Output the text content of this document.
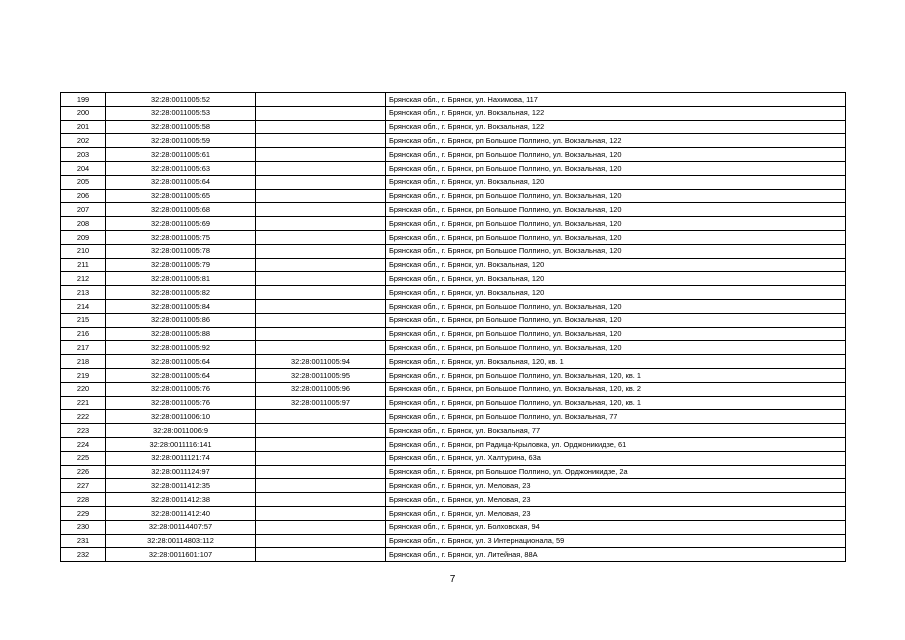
199	32:28:0011005:52		Брянская обл., г. Брянск, ул. Нахимова, 117
200	32:28:0011005:53		Брянская обл., г. Брянск, ул. Вокзальная, 122
201	32:28:0011005:58		Брянская обл., г. Брянск, ул. Вокзальная, 122
202	32:28:0011005:59		Брянская обл., г. Брянск, рп Большое Полпино, ул. Вокзальная, 122
203	32:28:0011005:61		Брянская обл., г. Брянск, рп Большое Полпино, ул. Вокзальная, 120
204	32:28:0011005:63		Брянская обл., г. Брянск, рп Большое Полпино, ул. Вокзальная, 120
205	32:28:0011005:64		Брянская обл., г. Брянск, ул. Вокзальная, 120
206	32:28:0011005:65		Брянская обл., г. Брянск, рп Большое Полпино, ул. Вокзальная, 120
207	32:28:0011005:68		Брянская обл., г. Брянск, рп Большое Полпино, ул. Вокзальная, 120
208	32:28:0011005:69		Брянская обл., г. Брянск, рп Большое Полпино, ул. Вокзальная, 120
209	32:28:0011005:75		Брянская обл., г. Брянск, рп Большое Полпино, ул. Вокзальная, 120
210	32:28:0011005:78		Брянская обл., г. Брянск, рп Большое Полпино, ул. Вокзальная, 120
211	32:28:0011005:79		Брянская обл., г. Брянск, ул. Вокзальная, 120
212	32:28:0011005:81		Брянская обл., г. Брянск, ул. Вокзальная, 120
213	32:28:0011005:82		Брянская обл., г. Брянск, ул. Вокзальная, 120
214	32:28:0011005:84		Брянская обл., г. Брянск, рп Большое Полпино, ул. Вокзальная, 120
215	32:28:0011005:86		Брянская обл., г. Брянск, рп Большое Полпино, ул. Вокзальная, 120
216	32:28:0011005:88		Брянская обл., г. Брянск, рп Большое Полпино, ул. Вокзальная, 120
217	32:28:0011005:92		Брянская обл., г. Брянск, рп Большое Полпино, ул. Вокзальная, 120
218	32:28:0011005:64	32:28:0011005:94	Брянская обл., г. Брянск, ул. Вокзальная, 120, кв. 1
219	32:28:0011005:64	32:28:0011005:95	Брянская обл., г. Брянск, рп Большое Полпино, ул. Вокзальная, 120, кв. 1
220	32:28:0011005:76	32:28:0011005:96	Брянская обл., г. Брянск, рп Большое Полпино, ул. Вокзальная, 120, кв. 2
221	32:28:0011005:76	32:28:0011005:97	Брянская обл., г. Брянск, рп Большое Полпино, ул. Вокзальная, 120, кв. 1
222	32:28:0011006:10		Брянская обл., г. Брянск, рп Большое Полпино, ул. Вокзальная, 77
223	32:28:0011006:9		Брянская обл., г. Брянск, ул. Вокзальная, 77
224	32:28:0011116:141		Брянская обл., г. Брянск, рп Радица-Крыловка, ул. Орджоникидзе, 61
225	32:28:0011121:74		Брянская обл., г. Брянск, ул. Халтурина, 63а
226	32:28:0011124:97		Брянская обл., г. Брянск, рп Большое Полпино, ул. Орджоникидзе, 2а
227	32:28:0011412:35		Брянская обл., г. Брянск, ул. Меловая, 23
228	32:28:0011412:38		Брянская обл., г. Брянск, ул. Меловая, 23
229	32:28:0011412:40		Брянская обл., г. Брянск, ул. Меловая, 23
230	32:28:00114407:57		Брянская обл., г. Брянск, ул. Болховская, 94
231	32:28:00114803:112		Брянская обл., г. Брянск, ул. 3 Интернационала, 59
232	32:28:0011601:107		Брянская обл., г. Брянск, ул. Литейная, 88А
7
